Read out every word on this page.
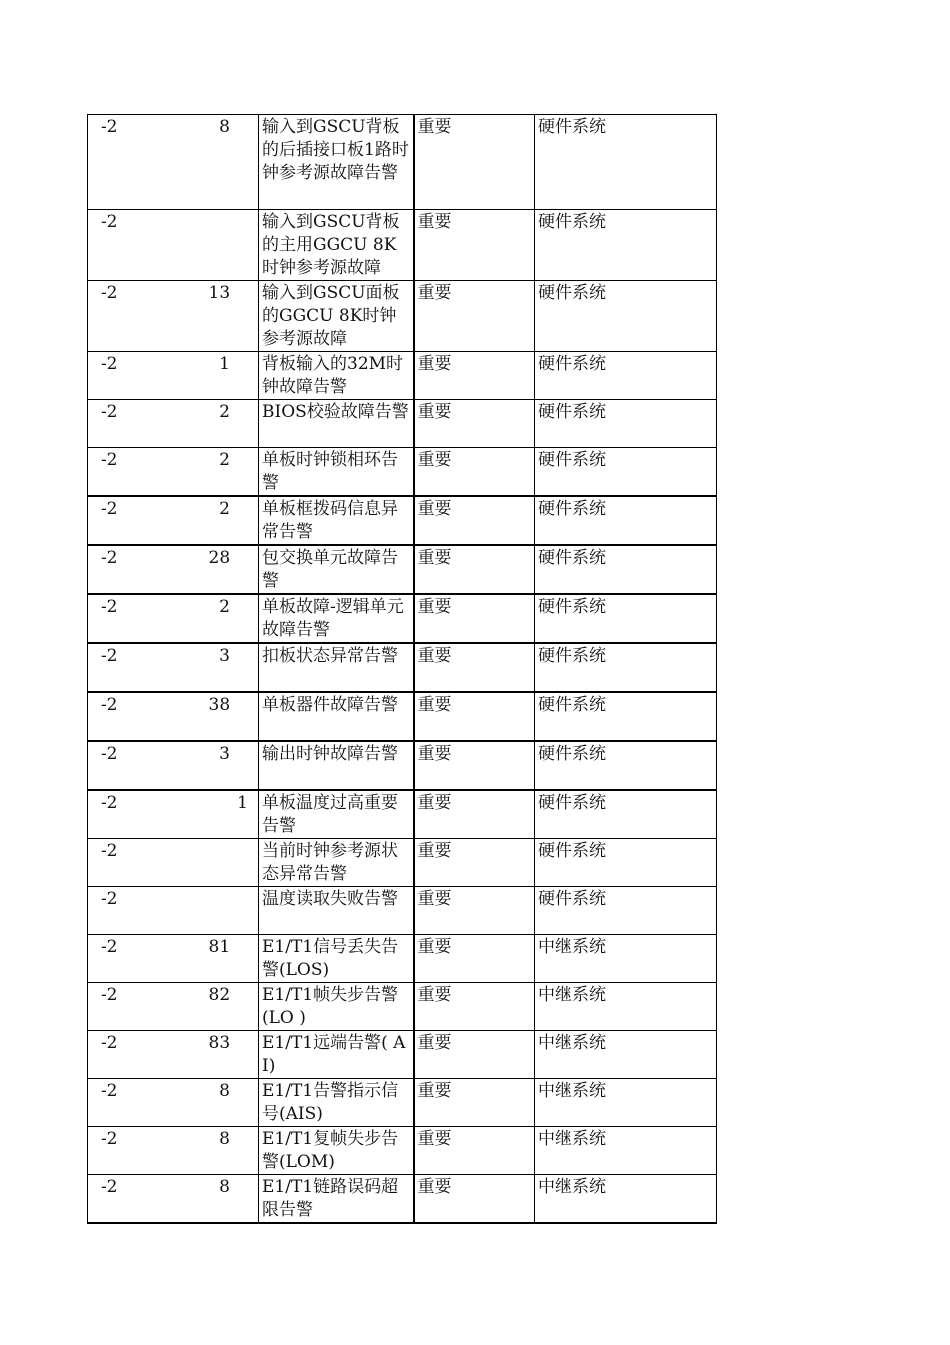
-2	8	输入到GSCU背板的后插接口板1路时钟参考源故障告警	重要	硬件系统
-2		输入到GSCU背板的主用GGCU 8K时钟参考源故障	重要	硬件系统
-2	13	输入到GSCU面板的GGCU 8K时钟参考源故障	重要	硬件系统
-2	1	背板输入的32M时钟故障告警	重要	硬件系统
-2	2	BIOS校验故障告警	重要	硬件系统
-2	2	单板时钟锁相环告警	重要	硬件系统
-2	2	单板框拨码信息异常告警	重要	硬件系统
-2	28	包交换单元故障告警	重要	硬件系统
-2	2	单板故障-逻辑单元故障告警	重要	硬件系统
-2	3	扣板状态异常告警	重要	硬件系统
-2	38	单板器件故障告警	重要	硬件系统
-2	3	输出时钟故障告警	重要	硬件系统
-2	1	单板温度过高重要告警	重要	硬件系统
-2		当前时钟参考源状态异常告警	重要	硬件系统
-2		温度读取失败告警	重要	硬件系统
-2	81	E1/T1信号丢失告警(LOS)	重要	中继系统
-2	82	E1/T1帧失步告警(LO )	重要	中继系统
-2	83	E1/T1远端告警( AI)	重要	中继系统
-2	8	E1/T1告警指示信号(AIS)	重要	中继系统
-2	8	E1/T1复帧失步告警(LOM)	重要	中继系统
-2	8	E1/T1链路误码超限告警	重要	中继系统
